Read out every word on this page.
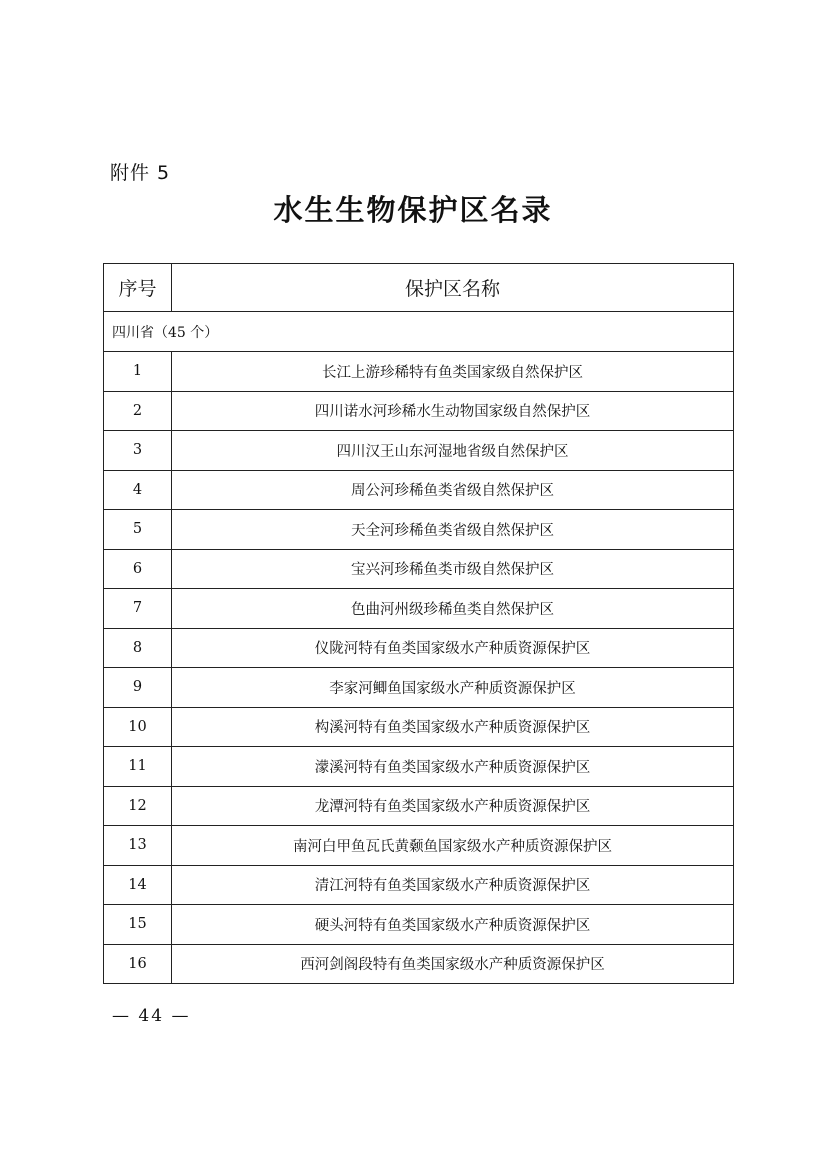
附件 5
水生生物保护区名录
序号	保护区名称
四川省（45 个）	
1	长江上游珍稀特有鱼类国家级自然保护区
2	四川诺水河珍稀水生动物国家级自然保护区
3	四川汉王山东河湿地省级自然保护区
4	周公河珍稀鱼类省级自然保护区
5	天全河珍稀鱼类省级自然保护区
6	宝兴河珍稀鱼类市级自然保护区
7	色曲河州级珍稀鱼类自然保护区
8	仪陇河特有鱼类国家级水产种质资源保护区
9	李家河鲫鱼国家级水产种质资源保护区
10	构溪河特有鱼类国家级水产种质资源保护区
11	濛溪河特有鱼类国家级水产种质资源保护区
12	龙潭河特有鱼类国家级水产种质资源保护区
13	南河白甲鱼瓦氏黄颡鱼国家级水产种质资源保护区
14	清江河特有鱼类国家级水产种质资源保护区
15	硬头河特有鱼类国家级水产种质资源保护区
16	西河剑阁段特有鱼类国家级水产种质资源保护区
— 44 —
